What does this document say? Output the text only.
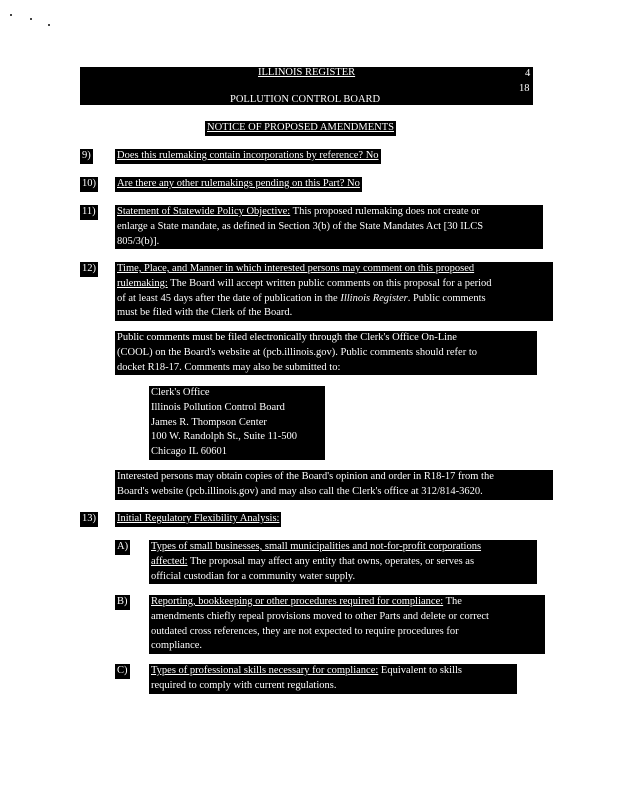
ILLINOIS REGISTER	4
18
POLLUTION CONTROL BOARD
NOTICE OF PROPOSED AMENDMENTS
9)	Does this rulemaking contain incorporations by reference? No
10) Are there any other rulemakings pending on this Part? No
11) Statement of Statewide Policy Objective: This proposed rulemaking does not create or
enlarge a State mandate, as defined in Section 3(b) of the State Mandates Act [30 ILCS
805/3(b)].
12) Time, Place, and Manner in which interested persons may comment on this proposed
rulemaking: The Board will accept written public comments on this proposal for a period
of at least 45 days after the date of publication in the Illinois Register. Public comments
must be filed with the Clerk of the Board.
Public comments must be filed electronically through the Clerk's Office On-Line
(COOL) on the Board's website at (pcb.illinois.gov). Public comments should refer to
docket R18-17. Comments may also be submitted to:
Clerk's Office
Illinois Pollution Control Board
James R. Thompson Center
100 W. Randolph St., Suite 11-500
Chicago IL 60601
Interested persons may obtain copies of the Board's opinion and order in R18-17 from the
Board's website (pcb.illinois.gov) and may also call the Clerk's office at 312/814-3620.
13) Initial Regulatory Flexibility Analysis:
A) Types of small businesses, small municipalities and not-for-profit corporations
affected: The proposal may affect any entity that owns, operates, or serves as
official custodian for a community water supply.
B) Reporting, bookkeeping or other procedures required for compliance: The
amendments chiefly repeal provisions moved to other Parts and delete or correct
outdated cross references, they are not expected to require procedures for
compliance.
C) Types of professional skills necessary for compliance: Equivalent to skills
required to comply with current regulations.
